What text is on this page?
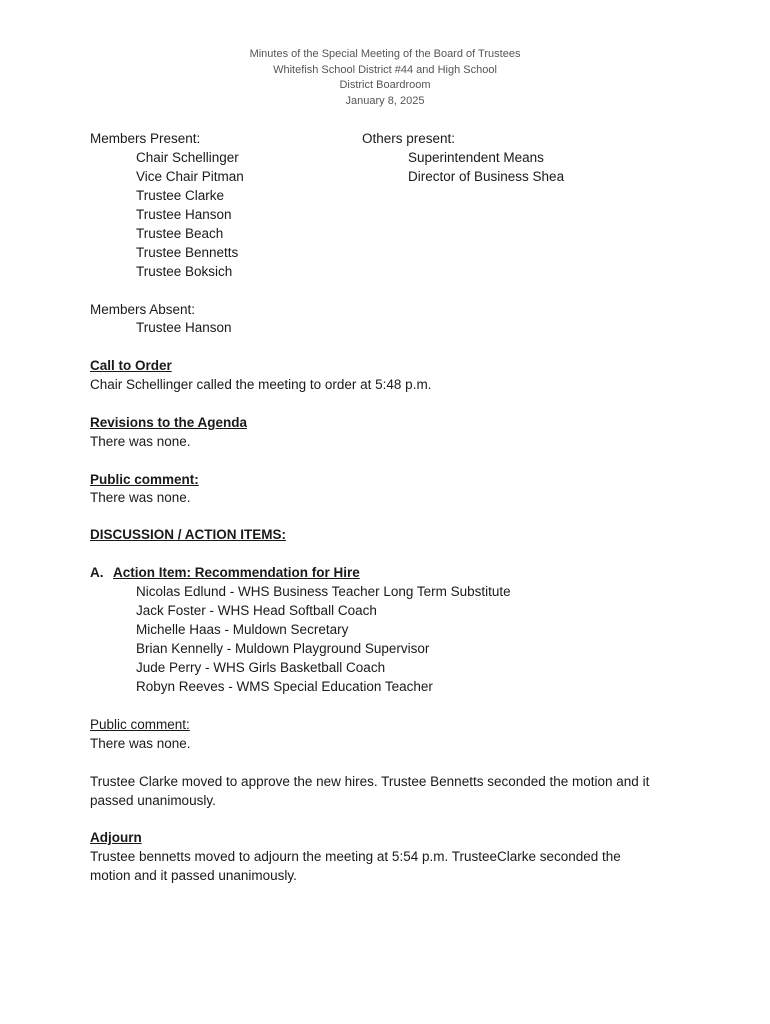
Minutes of the Special Meeting of the Board of Trustees
Whitefish School District #44 and High School
District Boardroom
January 8, 2025
Members Present:
Chair Schellinger
Vice Chair Pitman
Trustee Clarke
Trustee Hanson
Trustee Beach
Trustee Bennetts
Trustee Boksich
Others present:
Superintendent Means
Director of Business Shea
Members Absent:
Trustee Hanson
Call to Order
Chair Schellinger called the meeting to order at 5:48 p.m.
Revisions to the Agenda
There was none.
Public comment:
There was none.
DISCUSSION / ACTION ITEMS:
A. Action Item: Recommendation for Hire
Nicolas Edlund - WHS Business Teacher Long Term Substitute
Jack Foster - WHS Head Softball Coach
Michelle Haas - Muldown Secretary
Brian Kennelly - Muldown Playground Supervisor
Jude Perry - WHS Girls Basketball Coach
Robyn Reeves - WMS Special Education Teacher
Public comment:
There was none.
Trustee Clarke moved to approve the new hires. Trustee Bennetts seconded the motion and it
passed unanimously.
Adjourn
Trustee bennetts moved to adjourn the meeting at 5:54 p.m. TrusteeClarke seconded the
motion and it passed unanimously.
